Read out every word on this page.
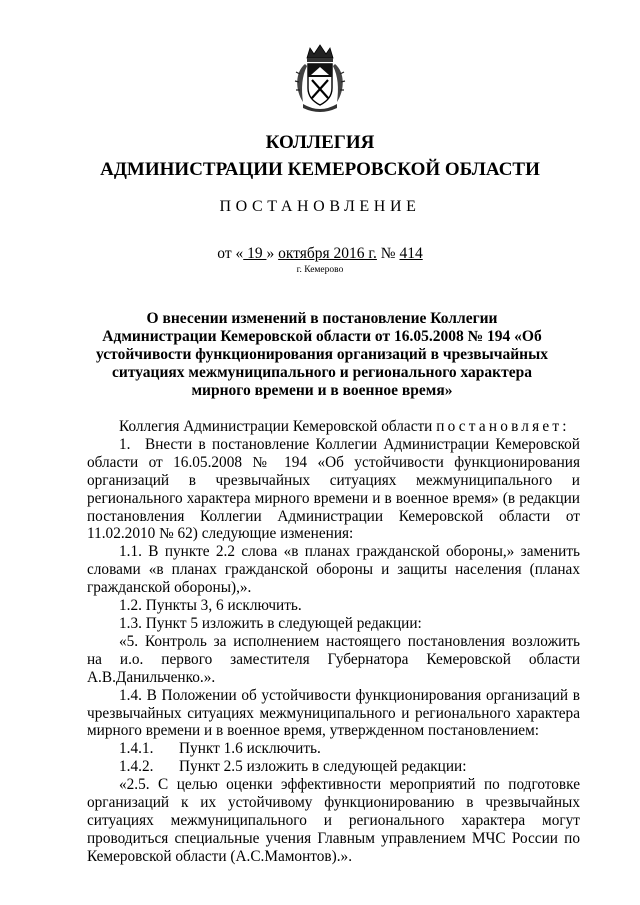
КОЛЛЕГИЯ
АДМИНИСТРАЦИИ КЕМЕРОВСКОЙ ОБЛАСТИ
ПОСТАНОВЛЕНИЕ
от « 19 » октября 2016 г. № 414
г. Кемерово
О внесении изменений в постановление Коллегии Администрации Кемеровской области от 16.05.2008 № 194 «Об устойчивости функционирования организаций в чрезвычайных ситуациях межмуниципального и регионального характера мирного времени и в военное время»

Коллегия Администрации Кемеровской области постановляет:

1. Внести в постановление Коллегии Администрации Кемеровской области от 16.05.2008 № 194 «Об устойчивости функционирования организаций в чрезвычайных ситуациях межмуниципального и регионального характера мирного времени и в военное время» (в редакции постановления Коллегии Администрации Кемеровской области от 11.02.2010 № 62) следующие изменения:

1.1. В пункте 2.2 слова «в планах гражданской обороны,» заменить словами «в планах гражданской обороны и защиты населения (планах гражданской обороны),».

1.2. Пункты 3, 6 исключить.

1.3. Пункт 5 изложить в следующей редакции:

«5. Контроль за исполнением настоящего постановления возложить на и.о. первого заместителя Губернатора Кемеровской области А.В.Данильченко.».

1.4. В Положении об устойчивости функционирования организаций в чрезвычайных ситуациях межмуниципального и регионального характера мирного времени и в военное время, утвержденном постановлением:

1.4.1. Пункт 1.6 исключить.

1.4.2. Пункт 2.5 изложить в следующей редакции:

«2.5. С целью оценки эффективности мероприятий по подготовке организаций к их устойчивому функционированию в чрезвычайных ситуациях межмуниципального и регионального характера могут проводиться специальные учения Главным управлением МЧС России по Кемеровской области (А.С.Мамонтов).».
